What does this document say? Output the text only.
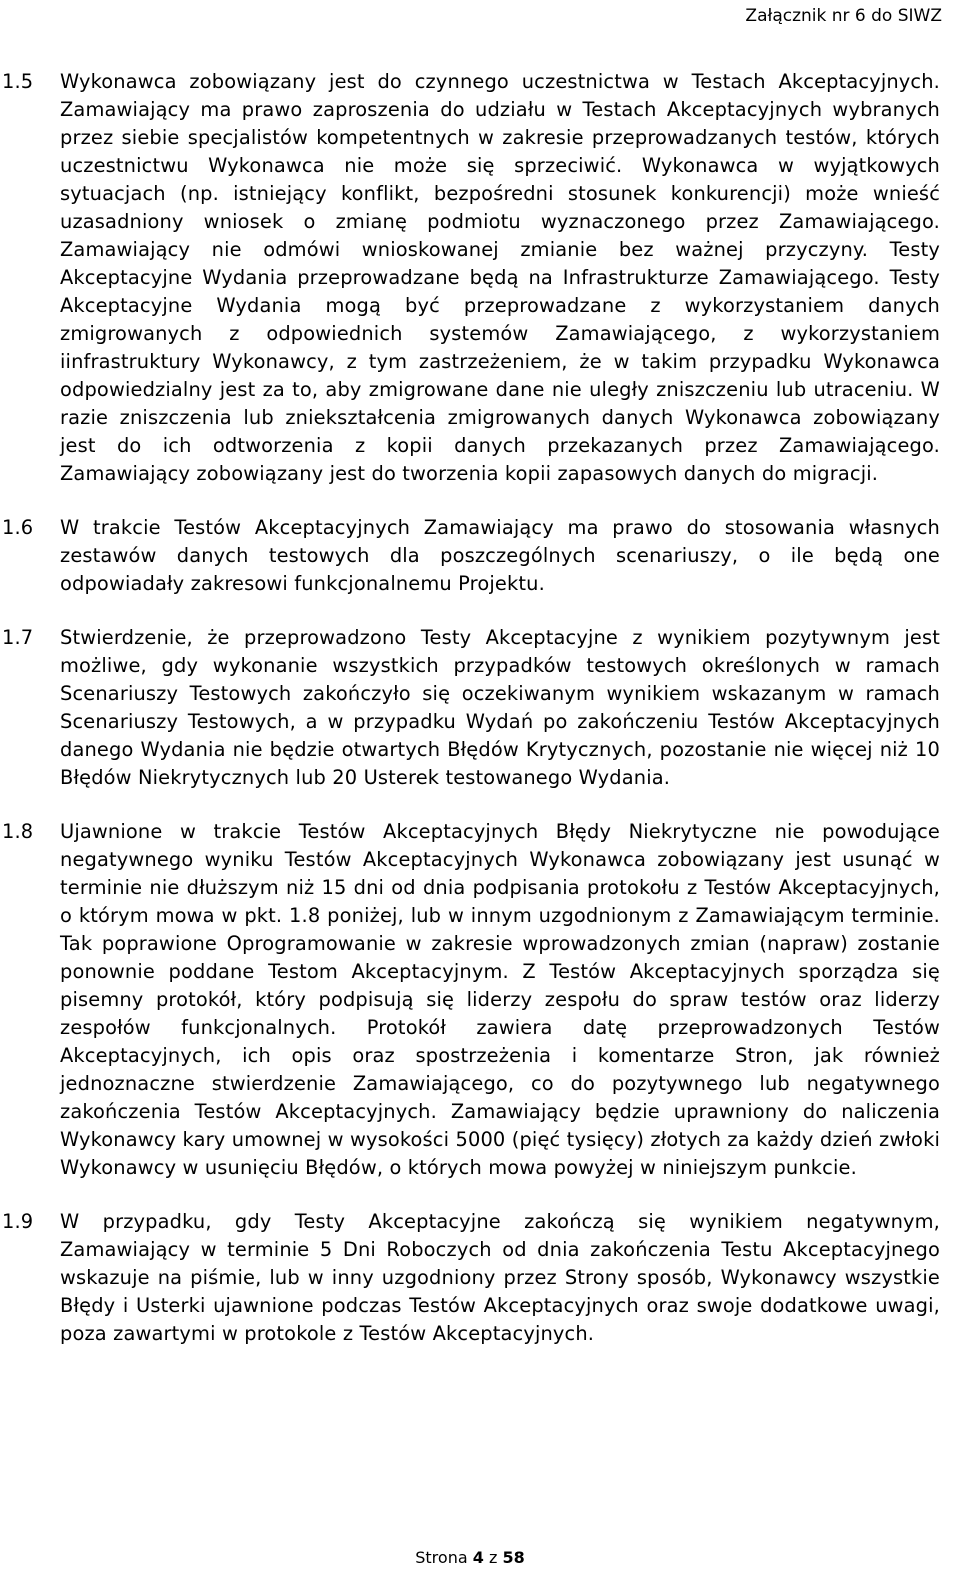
Załącznik nr 6 do SIWZ
1.5	Wykonawca zobowiązany jest do czynnego uczestnictwa w Testach Akceptacyjnych. Zamawiający ma prawo zaproszenia do udziału w Testach Akceptacyjnych wybranych przez siebie specjalistów kompetentnych w zakresie przeprowadzanych testów, których uczestnictwu Wykonawca nie może się sprzeciwić. Wykonawca w wyjątkowych sytuacjach (np. istniejący konflikt, bezpośredni stosunek konkurencji) może wnieść uzasadniony wniosek o zmianę podmiotu wyznaczonego przez Zamawiającego. Zamawiający nie odmówi wnioskowanej zmianie bez ważnej przyczyny. Testy Akceptacyjne Wydania przeprowadzane będą na Infrastrukturze Zamawiającego. Testy Akceptacyjne Wydania mogą być przeprowadzane z wykorzystaniem danych zmigrowanych z odpowiednich systemów Zamawiającego, z wykorzystaniem iinfrastruktury Wykonawcy, z tym zastrzeżeniem, że w takim przypadku Wykonawca odpowiedzialny jest za to, aby zmigrowane dane nie uległy zniszczeniu lub utraceniu. W razie zniszczenia lub zniekształcenia zmigrowanych danych Wykonawca zobowiązany jest do ich odtworzenia z kopii danych przekazanych przez Zamawiającego. Zamawiający zobowiązany jest do tworzenia kopii zapasowych danych do migracji.
1.6	W trakcie Testów Akceptacyjnych Zamawiający ma prawo do stosowania własnych zestawów danych testowych dla poszczególnych scenariuszy, o ile będą one odpowiadały zakresowi funkcjonalnemu Projektu.
1.7	Stwierdzenie, że przeprowadzono Testy Akceptacyjne z wynikiem pozytywnym jest możliwe, gdy wykonanie wszystkich przypadków testowych określonych w ramach Scenariuszy Testowych zakończyło się oczekiwanym wynikiem wskazanym w ramach Scenariuszy Testowych, a w przypadku Wydań po zakończeniu Testów Akceptacyjnych danego Wydania nie będzie otwartych Błędów Krytycznych, pozostanie nie więcej niż 10 Błędów Niekrytycznych lub 20 Usterek testowanego Wydania.
1.8	Ujawnione w trakcie Testów Akceptacyjnych Błędy Niekrytyczne nie powodujące negatywnego wyniku Testów Akceptacyjnych Wykonawca zobowiązany jest usunąć w terminie nie dłuższym niż 15 dni od dnia podpisania protokołu z Testów Akceptacyjnych, o którym mowa w pkt. 1.8 poniżej, lub w innym uzgodnionym z Zamawiającym terminie. Tak poprawione Oprogramowanie w zakresie wprowadzonych zmian (napraw) zostanie ponownie poddane Testom Akceptacyjnym. Z Testów Akceptacyjnych sporządza się pisemny protokół, który podpisują się liderzy zespołu do spraw testów oraz liderzy zespołów funkcjonalnych. Protokół zawiera datę przeprowadzonych Testów Akceptacyjnych, ich opis oraz spostrzeżenia i komentarze Stron, jak również jednoznaczne stwierdzenie Zamawiającego, co do pozytywnego lub negatywnego zakończenia Testów Akceptacyjnych. Zamawiający będzie uprawniony do naliczenia Wykonawcy kary umownej w wysokości 5000 (pięć tysięcy) złotych za każdy dzień zwłoki Wykonawcy w usunięciu Błędów, o których mowa powyżej w niniejszym punkcie.
1.9	W przypadku, gdy Testy Akceptacyjne zakończą się wynikiem negatywnym, Zamawiający w terminie 5 Dni Roboczych od dnia zakończenia Testu Akceptacyjnego wskazuje na piśmie, lub w inny uzgodniony przez Strony sposób, Wykonawcy wszystkie Błędy i Usterki ujawnione podczas Testów Akceptacyjnych oraz swoje dodatkowe uwagi, poza zawartymi w protokole z Testów Akceptacyjnych.
Strona 4 z 58
